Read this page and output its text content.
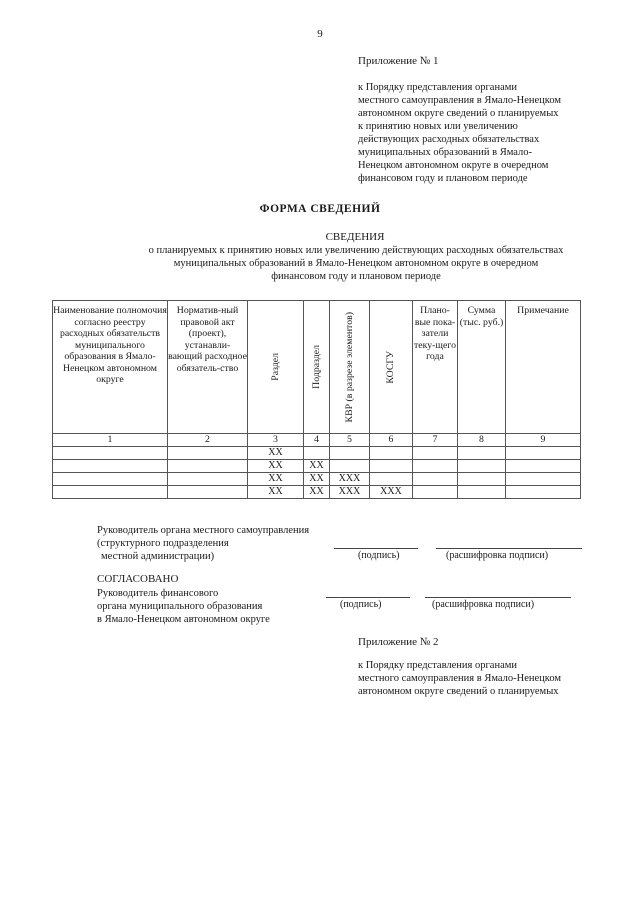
9
Приложение № 1
к Порядку представления органами
местного самоуправления в Ямало-Ненецком
автономном округе сведений о планируемых
к принятию новых или увеличению
действующих расходных обязательствах
муниципальных образований в Ямало-
Ненецком автономном округе в очередном
финансовом году и плановом периоде
ФОРМА СВЕДЕНИЙ
СВЕДЕНИЯ
о планируемых к принятию новых или увеличению действующих расходных обязательствах
муниципальных образований в Ямало-Ненецком автономном округе в очередном
финансовом году и плановом периоде
Наименование полномочия согласно реестру расходных обязательств муниципального образования в Ямало-Ненецком автономном округе	Норматив-ный правовой акт (проект), устанавли-вающий расходное обязатель-ство	Раздел	Подраздел	КВР (в разрезе элементов)	КОСГУ	Плано-вые пока-затели теку-щего года	Сумма (тыс. руб.)	Примечание
1	2	3	4	5	6	7	8	9
		XX						
		XX	XX					
		XX	XX	XXX				
		XX	XX	XXX	XXX			
Руководитель органа местного самоуправления
(структурного подразделения
местной администрации)	(подпись)	(расшифровка подписи)
СОГЛАСОВАНО
Руководитель финансового
органа муниципального образования
в Ямало-Ненецком автономном округе
(подпись)	(расшифровка подписи)
Приложение № 2
к Порядку представления органами
местного самоуправления в Ямало-Ненецком
автономном округе сведений о планируемых
